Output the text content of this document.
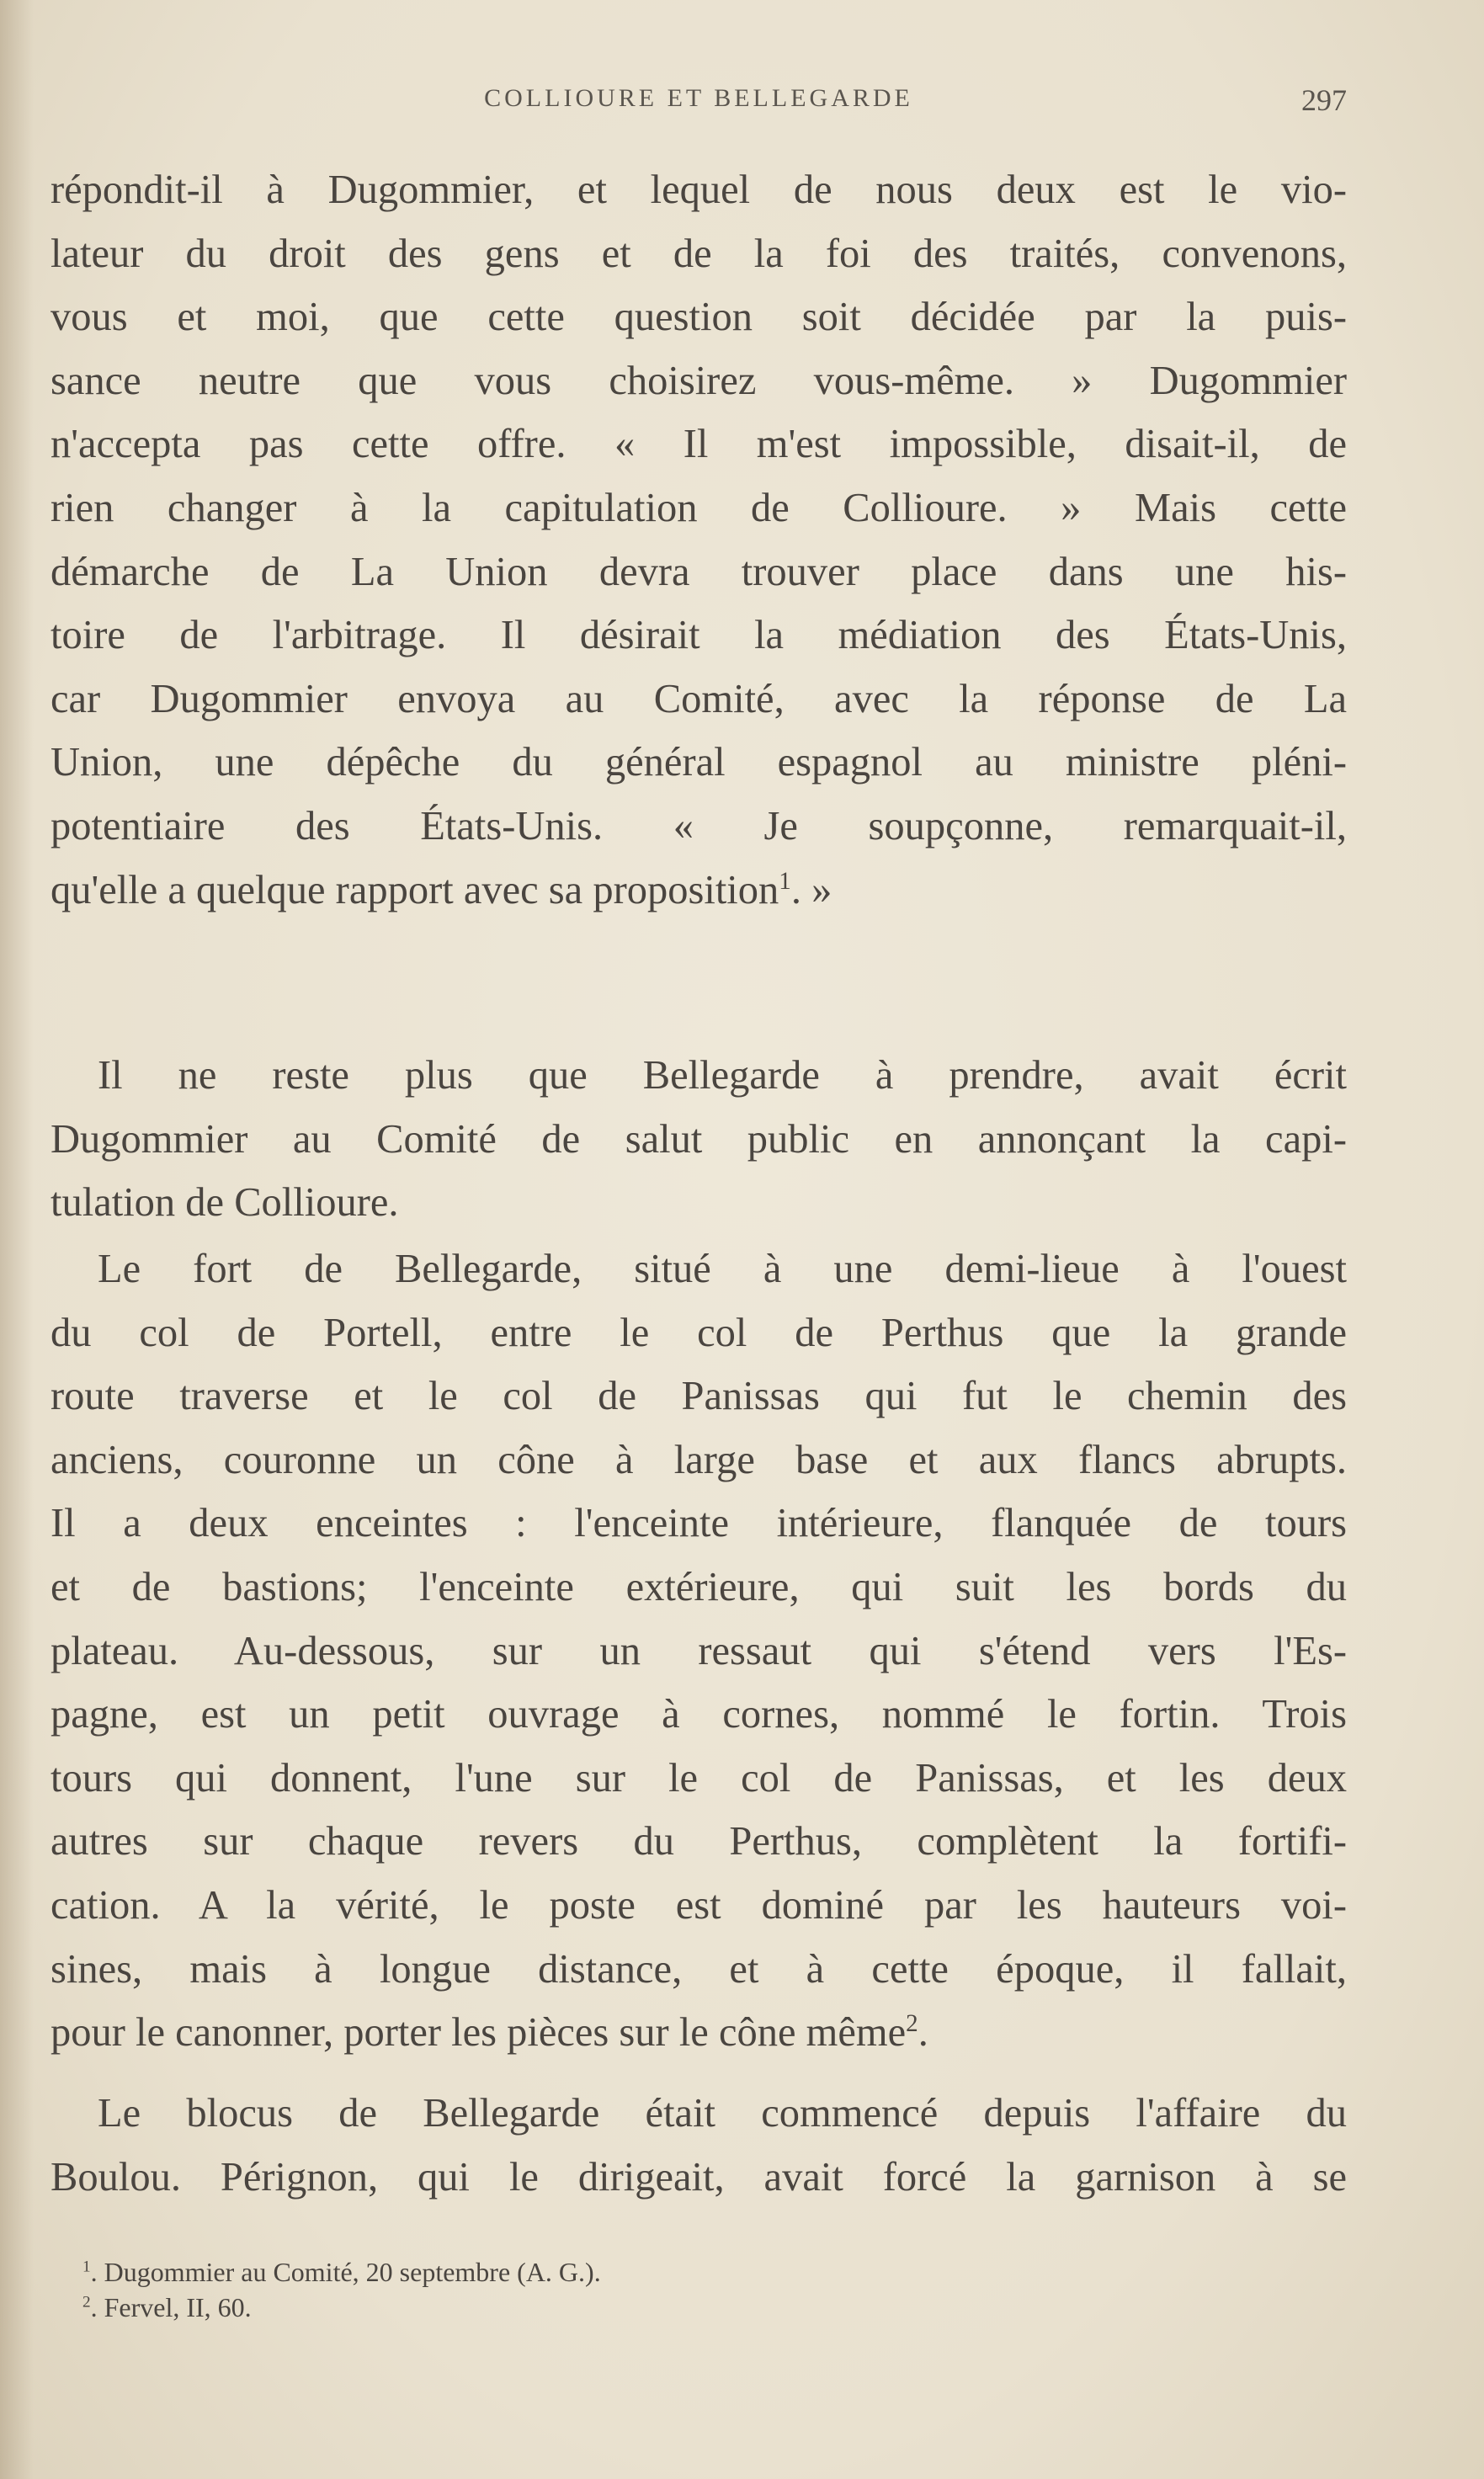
COLLIOURE ET BELLEGARDE	297
répondit-il à Dugommier, et lequel de nous deux est le vio-
lateur du droit des gens et de la foi des traités, convenons,
vous et moi, que cette question soit décidée par la puis-
sance neutre que vous choisirez vous-même. » Dugommier
n'accepta pas cette offre. « Il m'est impossible, disait-il, de
rien changer à la capitulation de Collioure. » Mais cette
démarche de La Union devra trouver place dans une his-
toire de l'arbitrage. Il désirait la médiation des États-Unis,
car Dugommier envoya au Comité, avec la réponse de La
Union, une dépêche du général espagnol au ministre pléni-
potentiaire des États-Unis. « Je soupçonne, remarquait-il,
qu'elle a quelque rapport avec sa proposition$^1$. »
Il ne reste plus que Bellegarde à prendre, avait écrit
Dugommier au Comité de salut public en annonçant la capi-
tulation de Collioure.
Le fort de Bellegarde, situé à une demi-lieue à l'ouest
du col de Portell, entre le col de Perthus que la grande
route traverse et le col de Panissas qui fut le chemin des
anciens, couronne un cône à large base et aux flancs abrupts.
Il a deux enceintes : l'enceinte intérieure, flanquée de tours
et de bastions; l'enceinte extérieure, qui suit les bords du
plateau. Au-dessous, sur un ressaut qui s'étend vers l'Es-
pagne, est un petit ouvrage à cornes, nommé le fortin. Trois
tours qui donnent, l'une sur le col de Panissas, et les deux
autres sur chaque revers du Perthus, complètent la fortifi-
cation. A la vérité, le poste est dominé par les hauteurs voi-
sines, mais à longue distance, et à cette époque, il fallait,
pour le canonner, porter les pièces sur le cône même$^2$.
Le blocus de Bellegarde était commencé depuis l'affaire du
Boulou. Pérignon, qui le dirigeait, avait forcé la garnison à se
$^1$. Dugommier au Comité, 20 septembre (A. G.).
$^2$. Fervel, II, 60.
